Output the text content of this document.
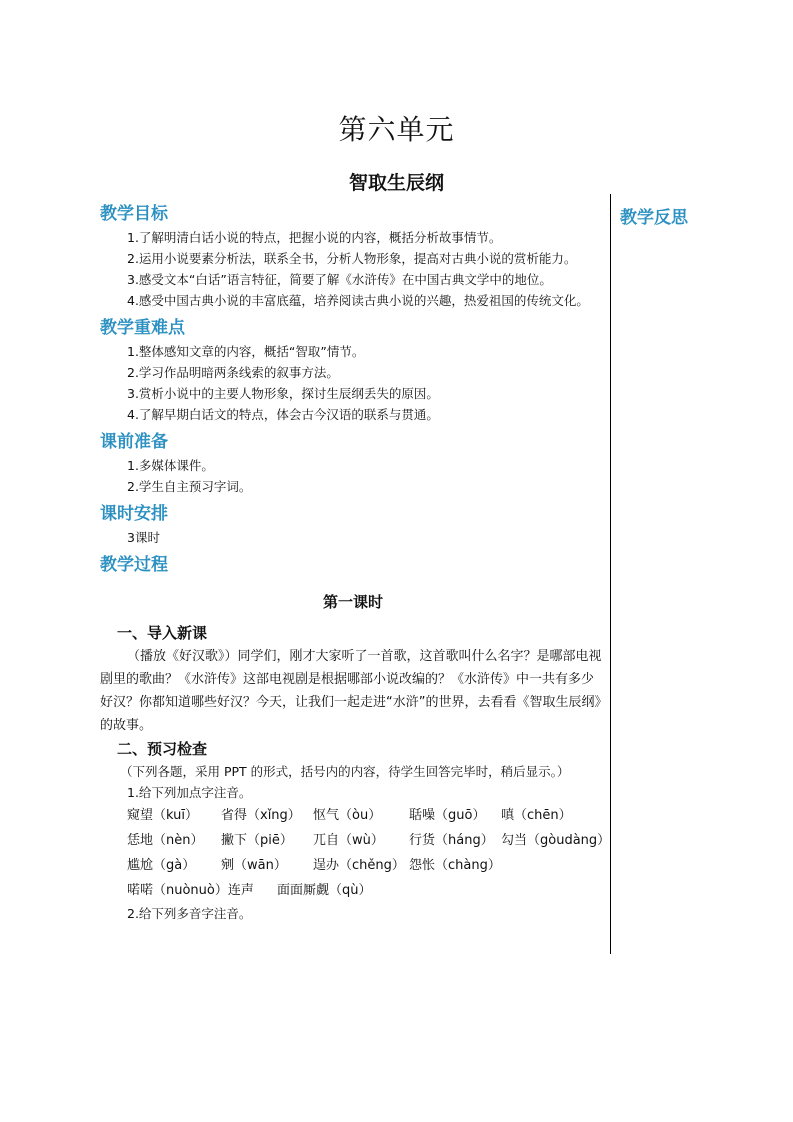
第六单元
智取生辰纲
教学反思

教学目标

1.了解明清白话小说的特点，把握小说的内容，概括分析故事情节。

2.运用小说要素分析法，联系全书，分析人物形象，提高对古典小说的赏析能力。

3.感受文本“白话”语言特征，简要了解《水浒传》在中国古典文学中的地位。

4.感受中国古典小说的丰富底蕴，培养阅读古典小说的兴趣，热爱祖国的传统文化。

教学重难点

1.整体感知文章的内容，概括“智取”情节。

2.学习作品明暗两条线索的叙事方法。

3.赏析小说中的主要人物形象，探讨生辰纲丢失的原因。

4.了解早期白话文的特点，体会古今汉语的联系与贯通。

课前准备

1.多媒体课件。

2.学生自主预习字词。

课时安排

3课时

教学过程

第一课时

一、导入新课

（播放《好汉歌》）同学们，刚才大家听了一首歌，这首歌叫什么名字？是哪部电视剧里的歌曲？《水浒传》这部电视剧是根据哪部小说改编的？《水浒传》中一共有多少好汉？你都知道哪些好汉？今天，让我们一起走进“水浒”的世界，去看看《智取生辰纲》的故事。

二、预习检查

（下列各题，采用 PPT 的形式，括号内的内容，待学生回答完毕时，稍后显示。）

1.给下列加点字注音。

窥望（kuī） 省得（xǐng） 怄气（òu） 聒噪（guō） 嗔（chēn）

恁地（nèn） 撇下（piē） 兀自（wù） 行货（háng） 勾当（gòudàng）

尴尬（gà） 剜（wān） 逞办（chěng） 怨怅（chàng）

喏喏（nuònuò）连声 面面厮觑（qù）

2.给下列多音字注音。
